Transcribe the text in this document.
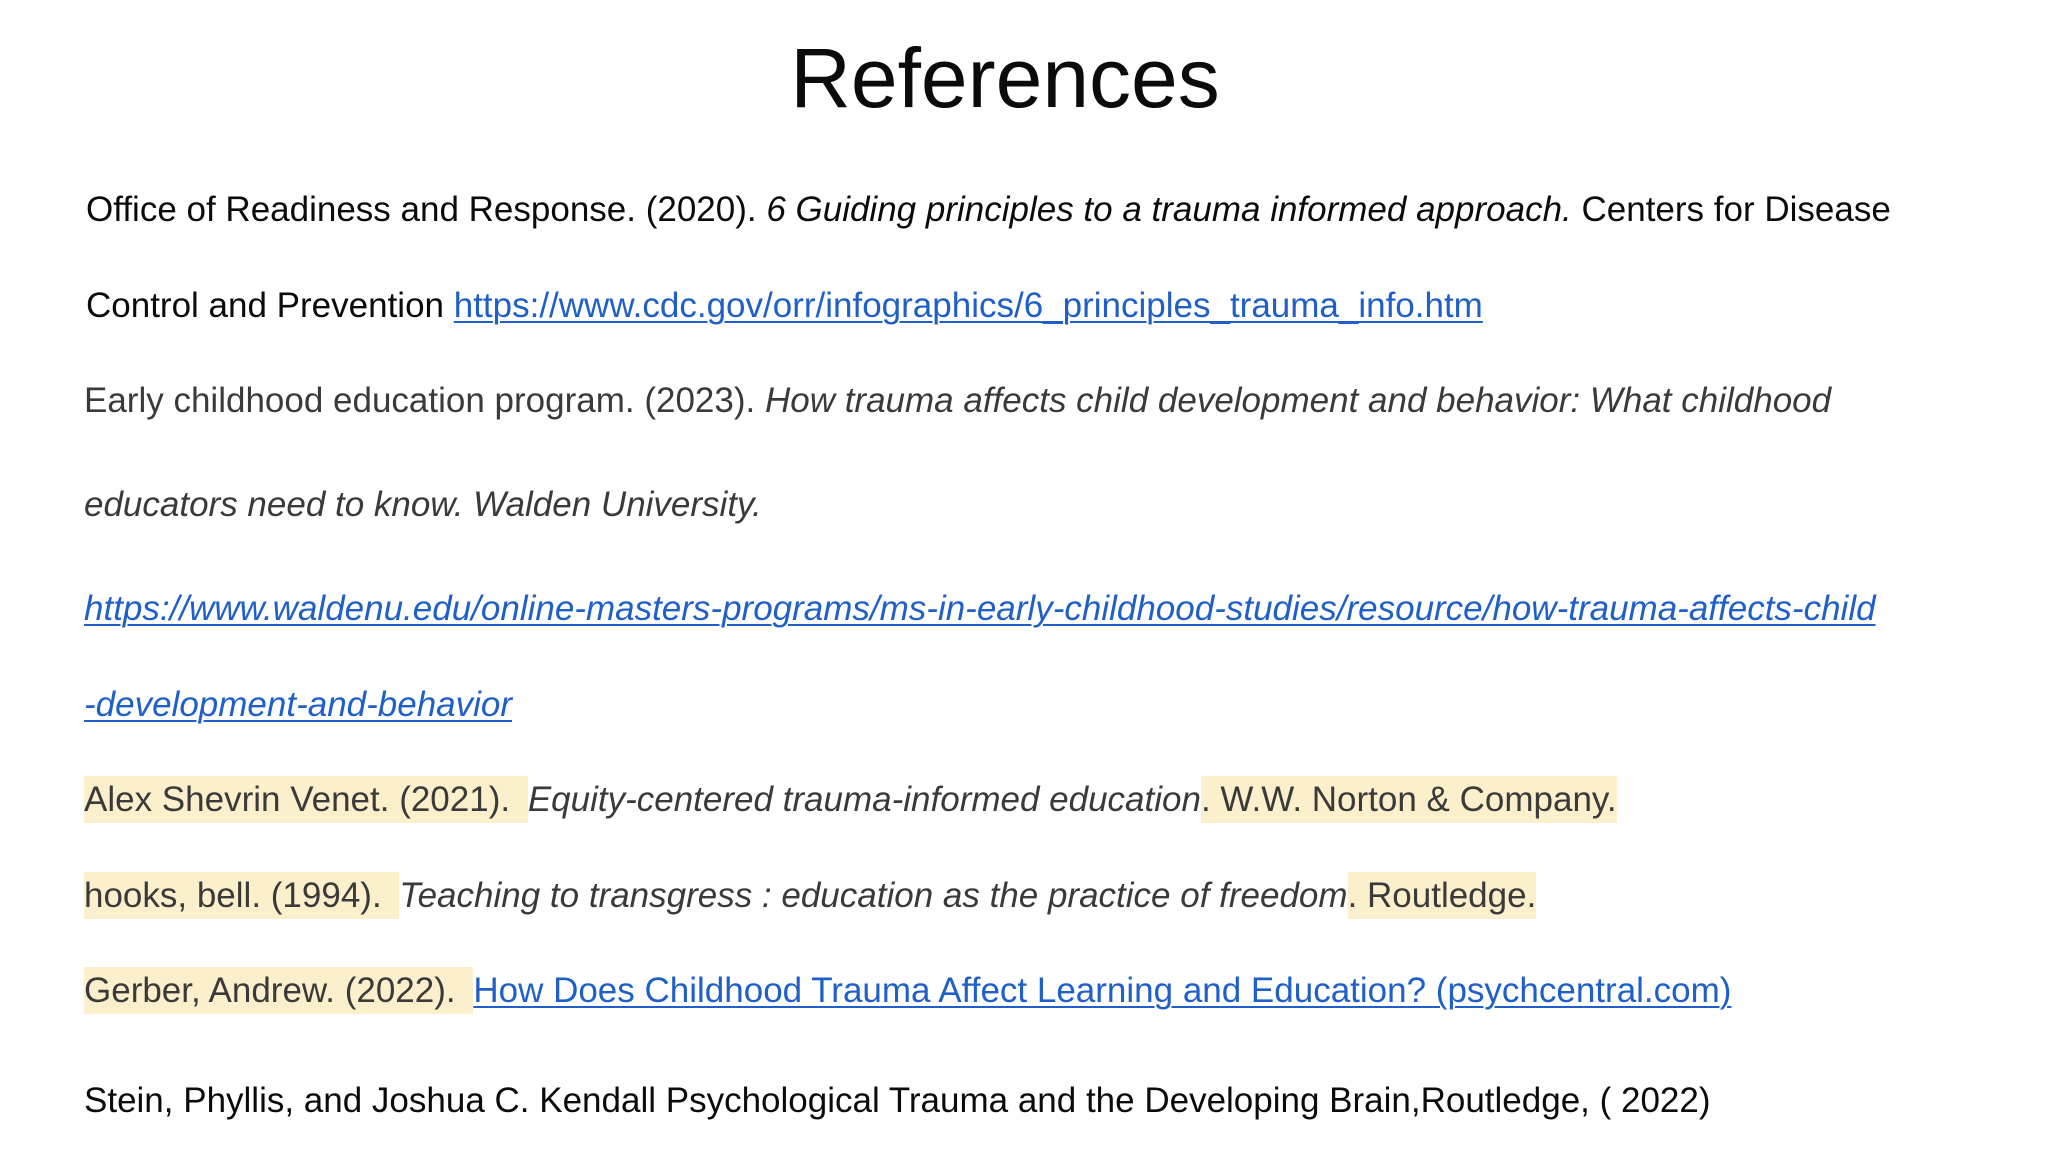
References
Office of Readiness and Response. (2020). 6 Guiding principles to a trauma informed approach. Centers for Disease
Control and Prevention https://www.cdc.gov/orr/infographics/6_principles_trauma_info.htm
Early childhood education program. (2023). How trauma affects child development and behavior: What childhood
educators need to know. Walden University.
https://www.waldenu.edu/online-masters-programs/ms-in-early-childhood-studies/resource/how-trauma-affects-child
-development-and-behavior
Alex Shevrin Venet. (2021). Equity-centered trauma-informed education. W.W. Norton & Company.
hooks, bell. (1994). Teaching to transgress : education as the practice of freedom. Routledge.
Gerber, Andrew. (2022). How Does Childhood Trauma Affect Learning and Education? (psychcentral.com)
Stein, Phyllis, and Joshua C. Kendall Psychological Trauma and the Developing Brain,Routledge, ( 2022)
